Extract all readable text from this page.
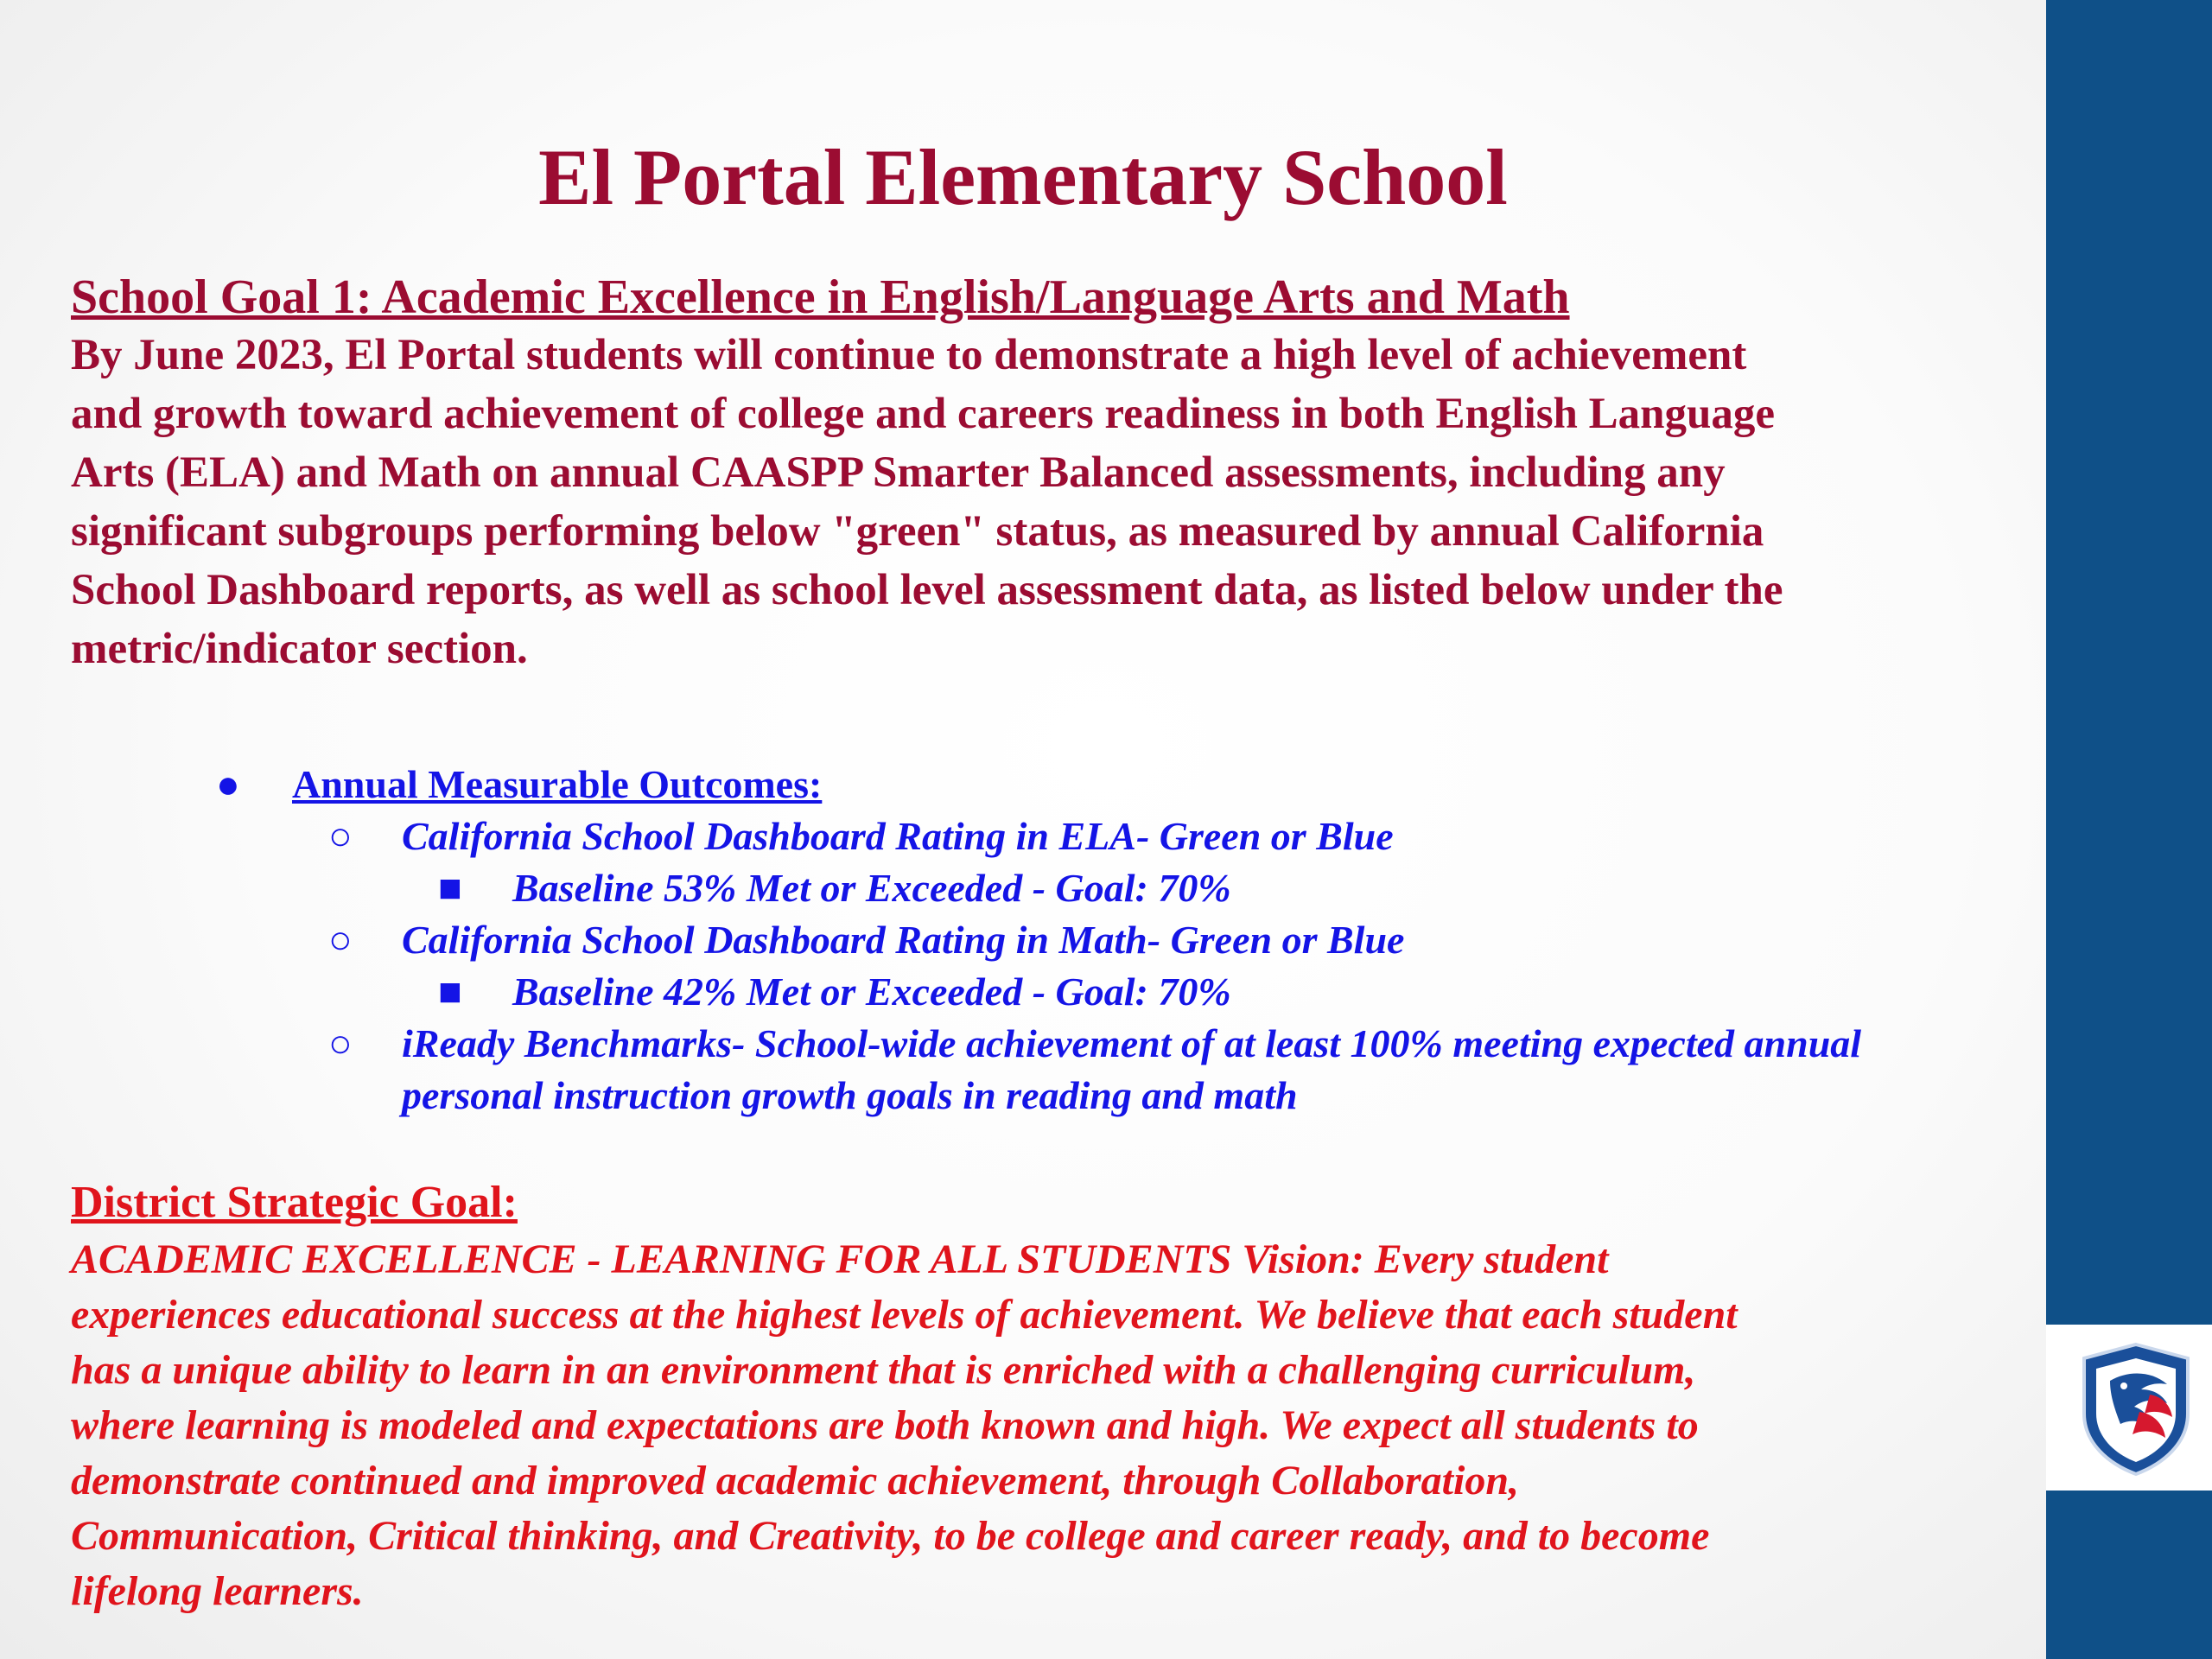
El Portal Elementary School
School Goal 1: Academic Excellence in English/Language Arts and Math
By June 2023, El Portal students will continue to demonstrate a high level of achievement
and growth toward achievement of college and careers readiness in both English Language
Arts (ELA) and Math on annual CAASPP Smarter Balanced assessments, including any
significant subgroups performing below "green" status, as measured by annual California
School Dashboard reports, as well as school level assessment data, as listed below under the
metric/indicator section.
● Annual Measurable Outcomes:
○ California School Dashboard Rating in ELA- Green or Blue
■ Baseline 53% Met or Exceeded - Goal: 70%
○ California School Dashboard Rating in Math- Green or Blue
■ Baseline 42% Met or Exceeded - Goal: 70%
○ iReady Benchmarks- School-wide achievement of at least 100% meeting expected annual
personal instruction growth goals in reading and math
District Strategic Goal:
ACADEMIC EXCELLENCE - LEARNING FOR ALL STUDENTS Vision: Every student
experiences educational success at the highest levels of achievement. We believe that each student
has a unique ability to learn in an environment that is enriched with a challenging curriculum,
where learning is modeled and expectations are both known and high. We expect all students to
demonstrate continued and improved academic achievement, through Collaboration,
Communication, Critical thinking, and Creativity, to be college and career ready, and to become
lifelong learners.
